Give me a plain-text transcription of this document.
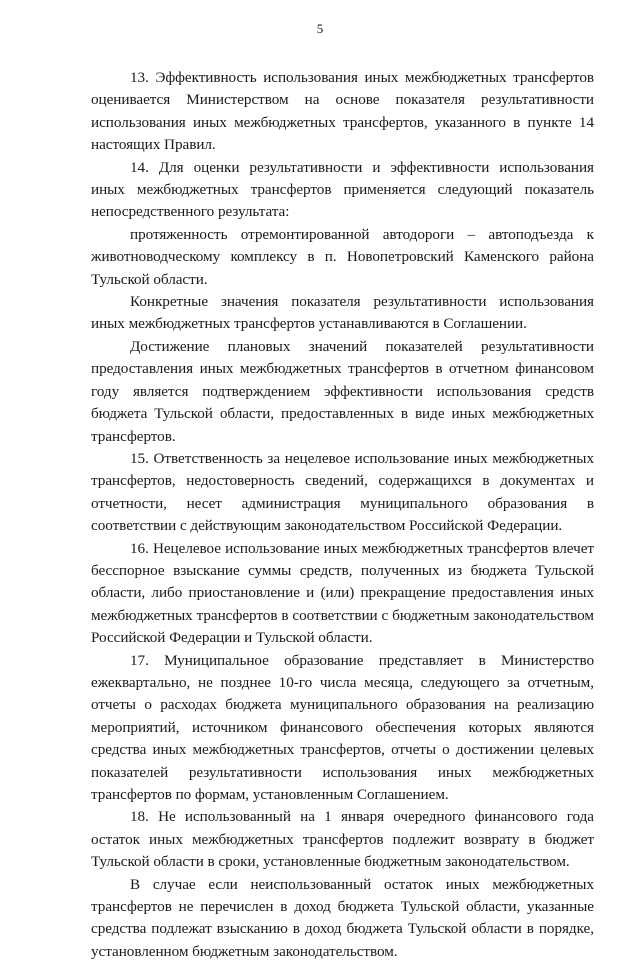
5

13. Эффективность использования иных межбюджетных трансфертов оценивается Министерством на основе показателя результативности использования иных межбюджетных трансфертов, указанного в пункте 14 настоящих Правил.

14. Для оценки результативности и эффективности использования иных межбюджетных трансфертов применяется следующий показатель непосредственного результата:

протяженность отремонтированной автодороги – автоподъезда к животноводческому комплексу в п. Новопетровский Каменского района Тульской области.

Конкретные значения показателя результативности использования иных межбюджетных трансфертов устанавливаются в Соглашении.

Достижение плановых значений показателей результативности предоставления иных межбюджетных трансфертов в отчетном финансовом году является подтверждением эффективности использования средств бюджета Тульской области, предоставленных в виде иных межбюджетных трансфертов.

15. Ответственность за нецелевое использование иных межбюджетных трансфертов, недостоверность сведений, содержащихся в документах и отчетности, несет администрация муниципального образования в соответствии с действующим законодательством Российской Федерации.

16. Нецелевое использование иных межбюджетных трансфертов влечет бесспорное взыскание суммы средств, полученных из бюджета Тульской области, либо приостановление и (или) прекращение предоставления иных межбюджетных трансфертов в соответствии с бюджетным законодательством Российской Федерации и Тульской области.

17. Муниципальное образование представляет в Министерство ежеквартально, не позднее 10-го числа месяца, следующего за отчетным, отчеты о расходах бюджета муниципального образования на реализацию мероприятий, источником финансового обеспечения которых являются средства иных межбюджетных трансфертов, отчеты о достижении целевых показателей результативности использования иных межбюджетных трансфертов по формам, установленным Соглашением.

18. Не использованный на 1 января очередного финансового года остаток иных межбюджетных трансфертов подлежит возврату в бюджет Тульской области в сроки, установленные бюджетным законодательством.

В случае если неиспользованный остаток иных межбюджетных трансфертов не перечислен в доход бюджета Тульской области, указанные средства подлежат взысканию в доход бюджета Тульской области в порядке, установленном бюджетным законодательством.
